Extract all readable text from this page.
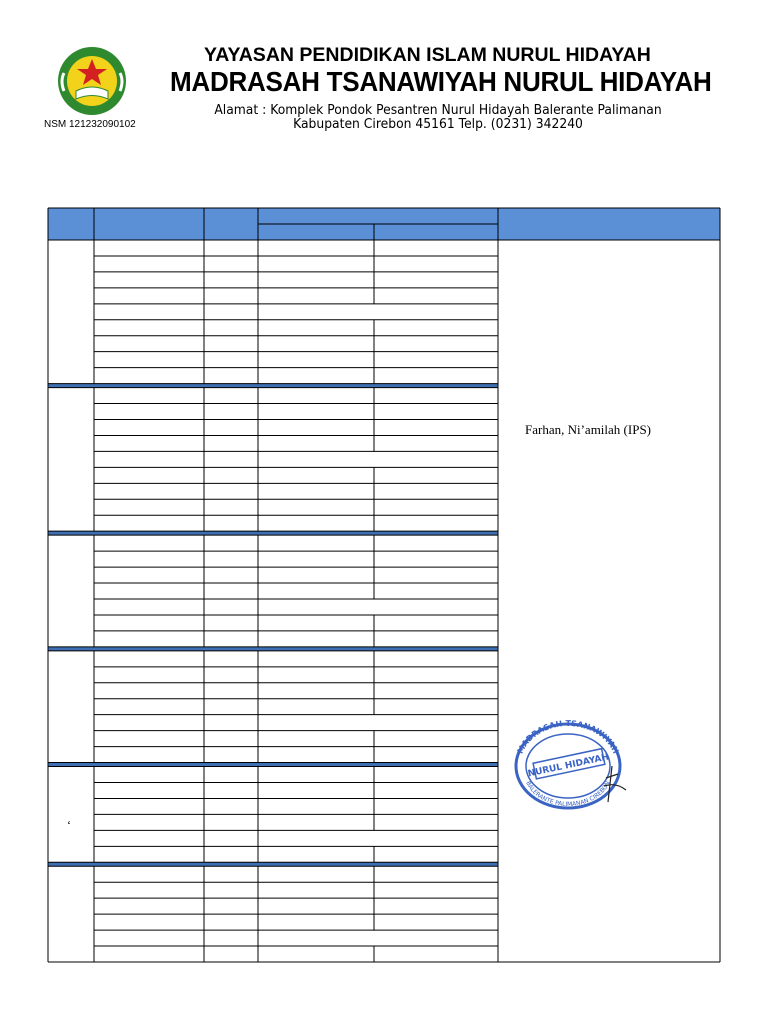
NSM 121232090102
YAYASAN PENDIDIKAN ISLAM NURUL HIDAYAH
MADRASAH TSANAWIYAH NURUL HIDAYAH
Alamat : Komplek Pondok Pesantren Nurul Hidayah Balerante Palimanan
Kabupaten Cirebon 45161 Telp. (0231) 342240
Farhan, Ni’amilah (IPS)
‘
MADRASAH TSANAWIYAH
NURUL HIDAYAH
BALERANTE PALIMANAN CIREBON
